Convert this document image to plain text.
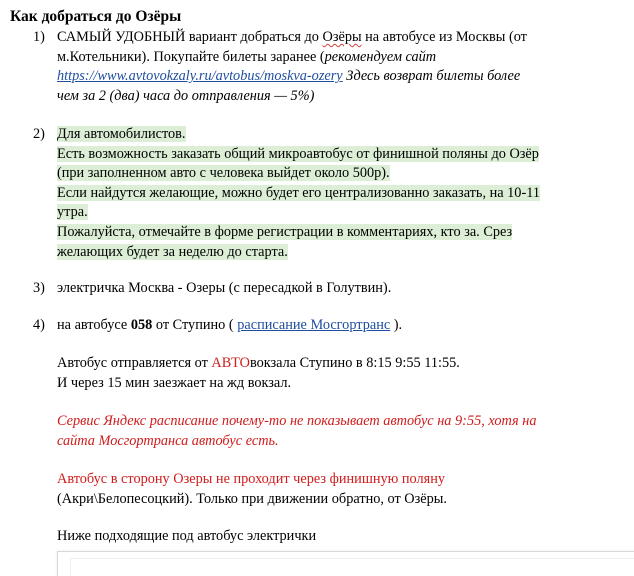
Как добраться до Озёры
1) САМЫЙ УДОБНЫЙ вариант добраться до Озёры на автобусе из Москвы (от
м.Котельники). Покупайте билеты заранее (рекомендуем сайт
https://www.avtovokzaly.ru/avtobus/moskva-ozery Здесь возврат билеты более
чем за 2 (два) часа до отправления — 5%)
2) Для автомобилистов.
Есть возможность заказать общий микроавтобус от финишной поляны до Озёр
(при заполненном авто с человека выйдет около 500р).
Если найдутся желающие, можно будет его централизованно заказать, на 10-11
утра.
Пожалуйста, отмечайте в форме регистрации в комментариях, кто за. Срез
желающих будет за неделю до старта.
3) электричка Москва - Озеры (с пересадкой в Голутвин).
4) на автобусе 058 от Ступино ( расписание Мосгортранс ).
Автобус отправляется от АВТОвокзала Ступино в 8:15 9:55 11:55.
И через 15 мин заезжает на жд вокзал.
Сервис Яндекс расписание почему-то не показывает автобус на 9:55, хотя на
сайта Мосгортранса автобус есть.
Автобус в сторону Озеры не проходит через финишную поляну
(Акри\Белопесоцкий). Только при движении обратно, от Озёры.
Ниже подходящие под автобус электрички
